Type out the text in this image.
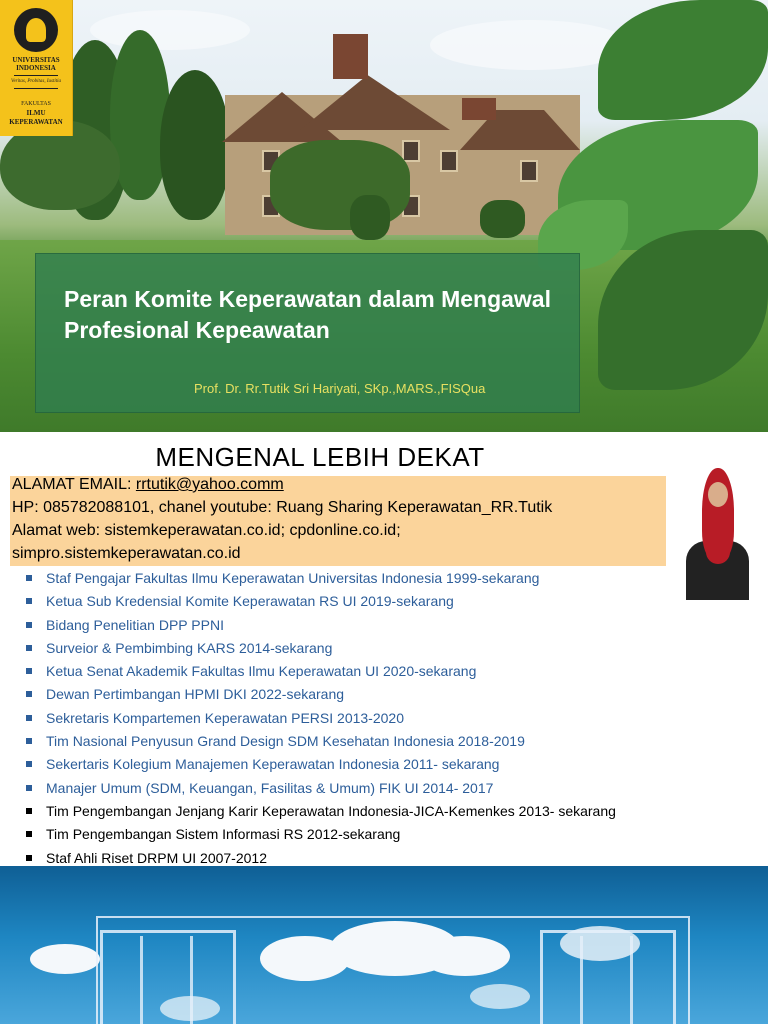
UNIVERSITAS
INDONESIA
Veritas, Probitas, Iustitia
FAKULTAS
ILMU
KEPERAWATAN
Peran Komite Keperawatan dalam Mengawal Profesional Kepeawatan
Prof. Dr. Rr.Tutik Sri Hariyati, SKp.,MARS.,FISQua
MENGENAL LEBIH DEKAT
ALAMAT EMAIL: rrtutik@yahoo.comm
HP: 085782088101, chanel youtube: Ruang Sharing Keperawatan_RR.Tutik
Alamat web: sistemkeperawatan.co.id; cpdonline.co.id;
simpro.sistemkeperawatan.co.id
Staf Pengajar Fakultas Ilmu Keperawatan Universitas Indonesia 1999-sekarang
Ketua Sub Kredensial Komite Keperawatan RS UI 2019-sekarang
Bidang Penelitian DPP PPNI
Surveior & Pembimbing KARS 2014-sekarang
Ketua Senat Akademik Fakultas Ilmu Keperawatan UI 2020-sekarang
Dewan Pertimbangan HPMI DKI 2022-sekarang
Sekretaris Kompartemen Keperawatan PERSI 2013-2020
Tim Nasional Penyusun Grand Design SDM Kesehatan Indonesia 2018-2019
Sekertaris Kolegium Manajemen Keperawatan Indonesia 2011- sekarang
Manajer Umum (SDM, Keuangan, Fasilitas & Umum) FIK UI 2014- 2017
Tim Pengembangan Jenjang Karir Keperawatan Indonesia-JICA-Kemenkes 2013- sekarang
Tim Pengembangan Sistem Informasi RS 2012-sekarang
Staf Ahli Riset DRPM UI 2007-2012
